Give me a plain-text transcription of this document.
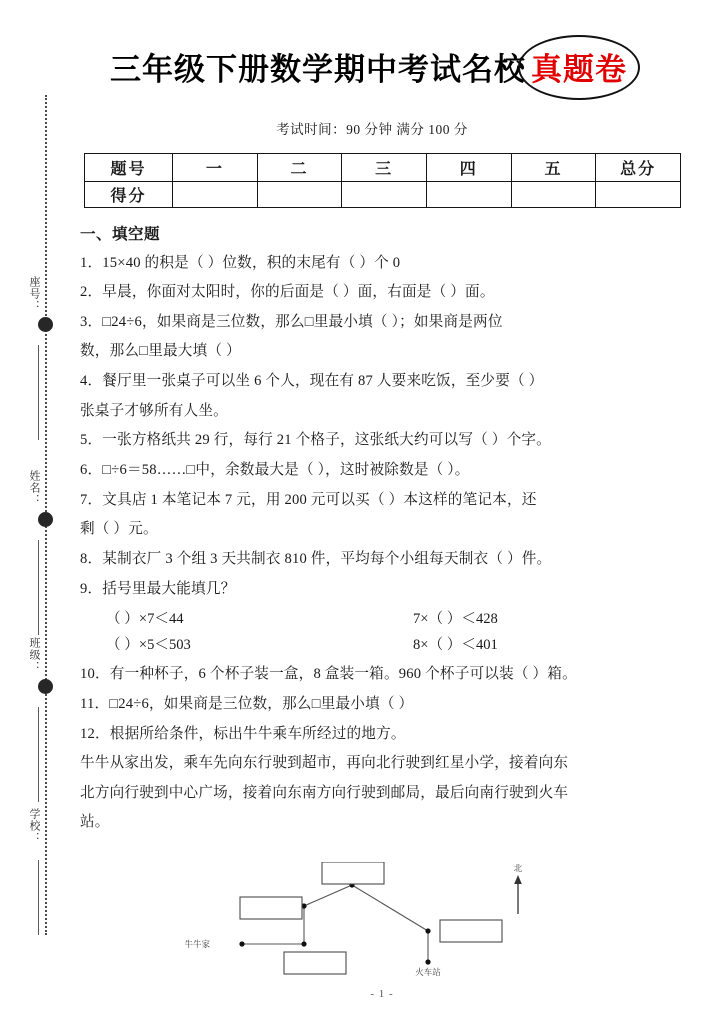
座号：
姓名：
班级：
学校：
三年级下册数学期中考试名校 真题卷
考试时间：90 分钟 满分 100 分
题号	一	二	三	四	五	总分
得分						
一、填空题
1．15×40 的积是（ ）位数，积的末尾有（ ）个 0
2．早晨，你面对太阳时，你的后面是（ ）面，右面是（ ）面。
3．□24÷6，如果商是三位数，那么□里最小填（ ）；如果商是两位
数，那么□里最大填（ ）
4．餐厅里一张桌子可以坐 6 个人，现在有 87 人要来吃饭，至少要（ ）
张桌子才够所有人坐。
5．一张方格纸共 29 行，每行 21 个格子，这张纸大约可以写（ ）个字。
6．□÷6＝58……□中，余数最大是（ ），这时被除数是（ ）。
7．文具店 1 本笔记本 7 元，用 200 元可以买（ ）本这样的笔记本，还
剩（ ）元。
8．某制衣厂 3 个组 3 天共制衣 810 件，平均每个小组每天制衣（ ）件。
9．括号里最大能填几？
（ ）×7＜44	7×（ ）＜428
（ ）×5＜503	8×（ ）＜401
10．有一种杯子，6 个杯子装一盒，8 盒装一箱。960 个杯子可以装（ ）箱。
11．□24÷6，如果商是三位数，那么□里最小填（ ）
12．根据所给条件，标出牛牛乘车所经过的地方。
牛牛从家出发，乘车先向东行驶到超市，再向北行驶到红星小学，接着向东
北方向行驶到中心广场，接着向东南方向行驶到邮局，最后向南行驶到火车
站。
牛牛家
火车站
北
- 1 -
